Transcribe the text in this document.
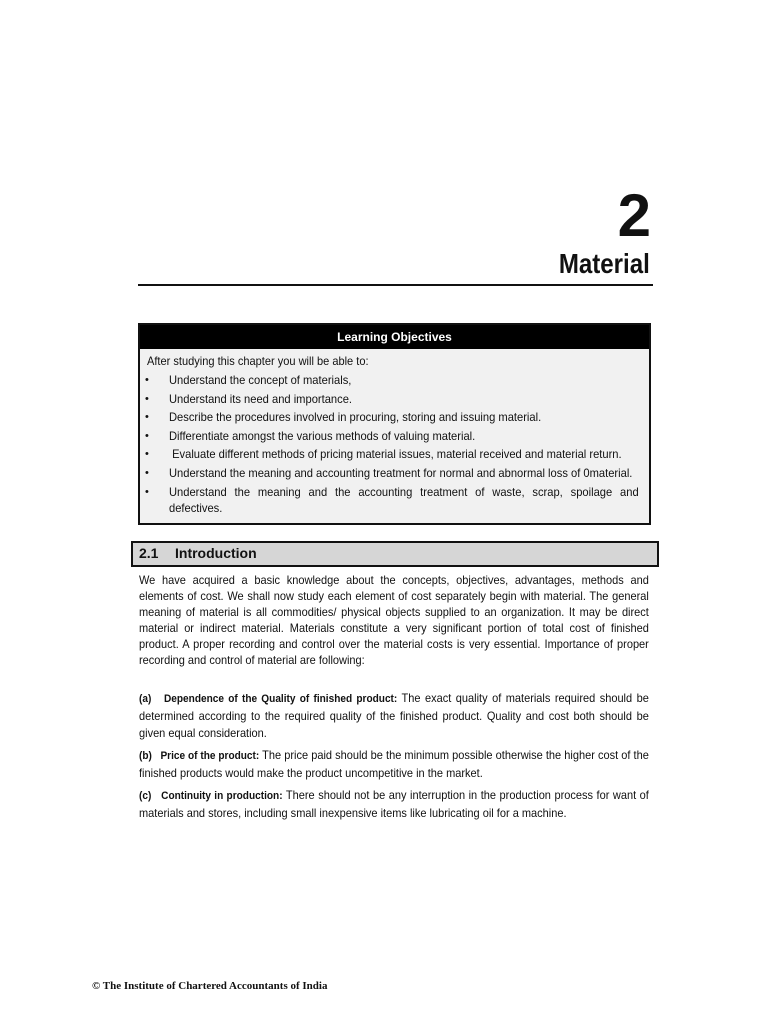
2
Material
Learning Objectives
After studying this chapter you will be able to:
• Understand the concept of materials,
• Understand its need and importance.
• Describe the procedures involved in procuring, storing and issuing material.
• Differentiate amongst the various methods of valuing material.
• Evaluate different methods of pricing material issues, material received and material return.
• Understand the meaning and accounting treatment for normal and abnormal loss of 0material.
• Understand the meaning and the accounting treatment of waste, scrap, spoilage and defectives.
2.1 Introduction
We have acquired a basic knowledge about the concepts, objectives, advantages, methods and elements of cost. We shall now study each element of cost separately begin with material. The general meaning of material is all commodities/ physical objects supplied to an organization. It may be direct material or indirect material. Materials constitute a very significant portion of total cost of finished product. A proper recording and control over the material costs is very essential. Importance of proper recording and control of material are following:
(a)   Dependence of the Quality of finished product: The exact quality of materials required should be determined according to the required quality of the finished product. Quality and cost both should be given equal consideration.
(b)   Price of the product: The price paid should be the minimum possible otherwise the higher cost of the finished products would make the product uncompetitive in the market.
(c)   Continuity in production: There should not be any interruption in the production process for want of materials and stores, including small inexpensive items like lubricating oil for a machine.
© The Institute of Chartered Accountants of India
